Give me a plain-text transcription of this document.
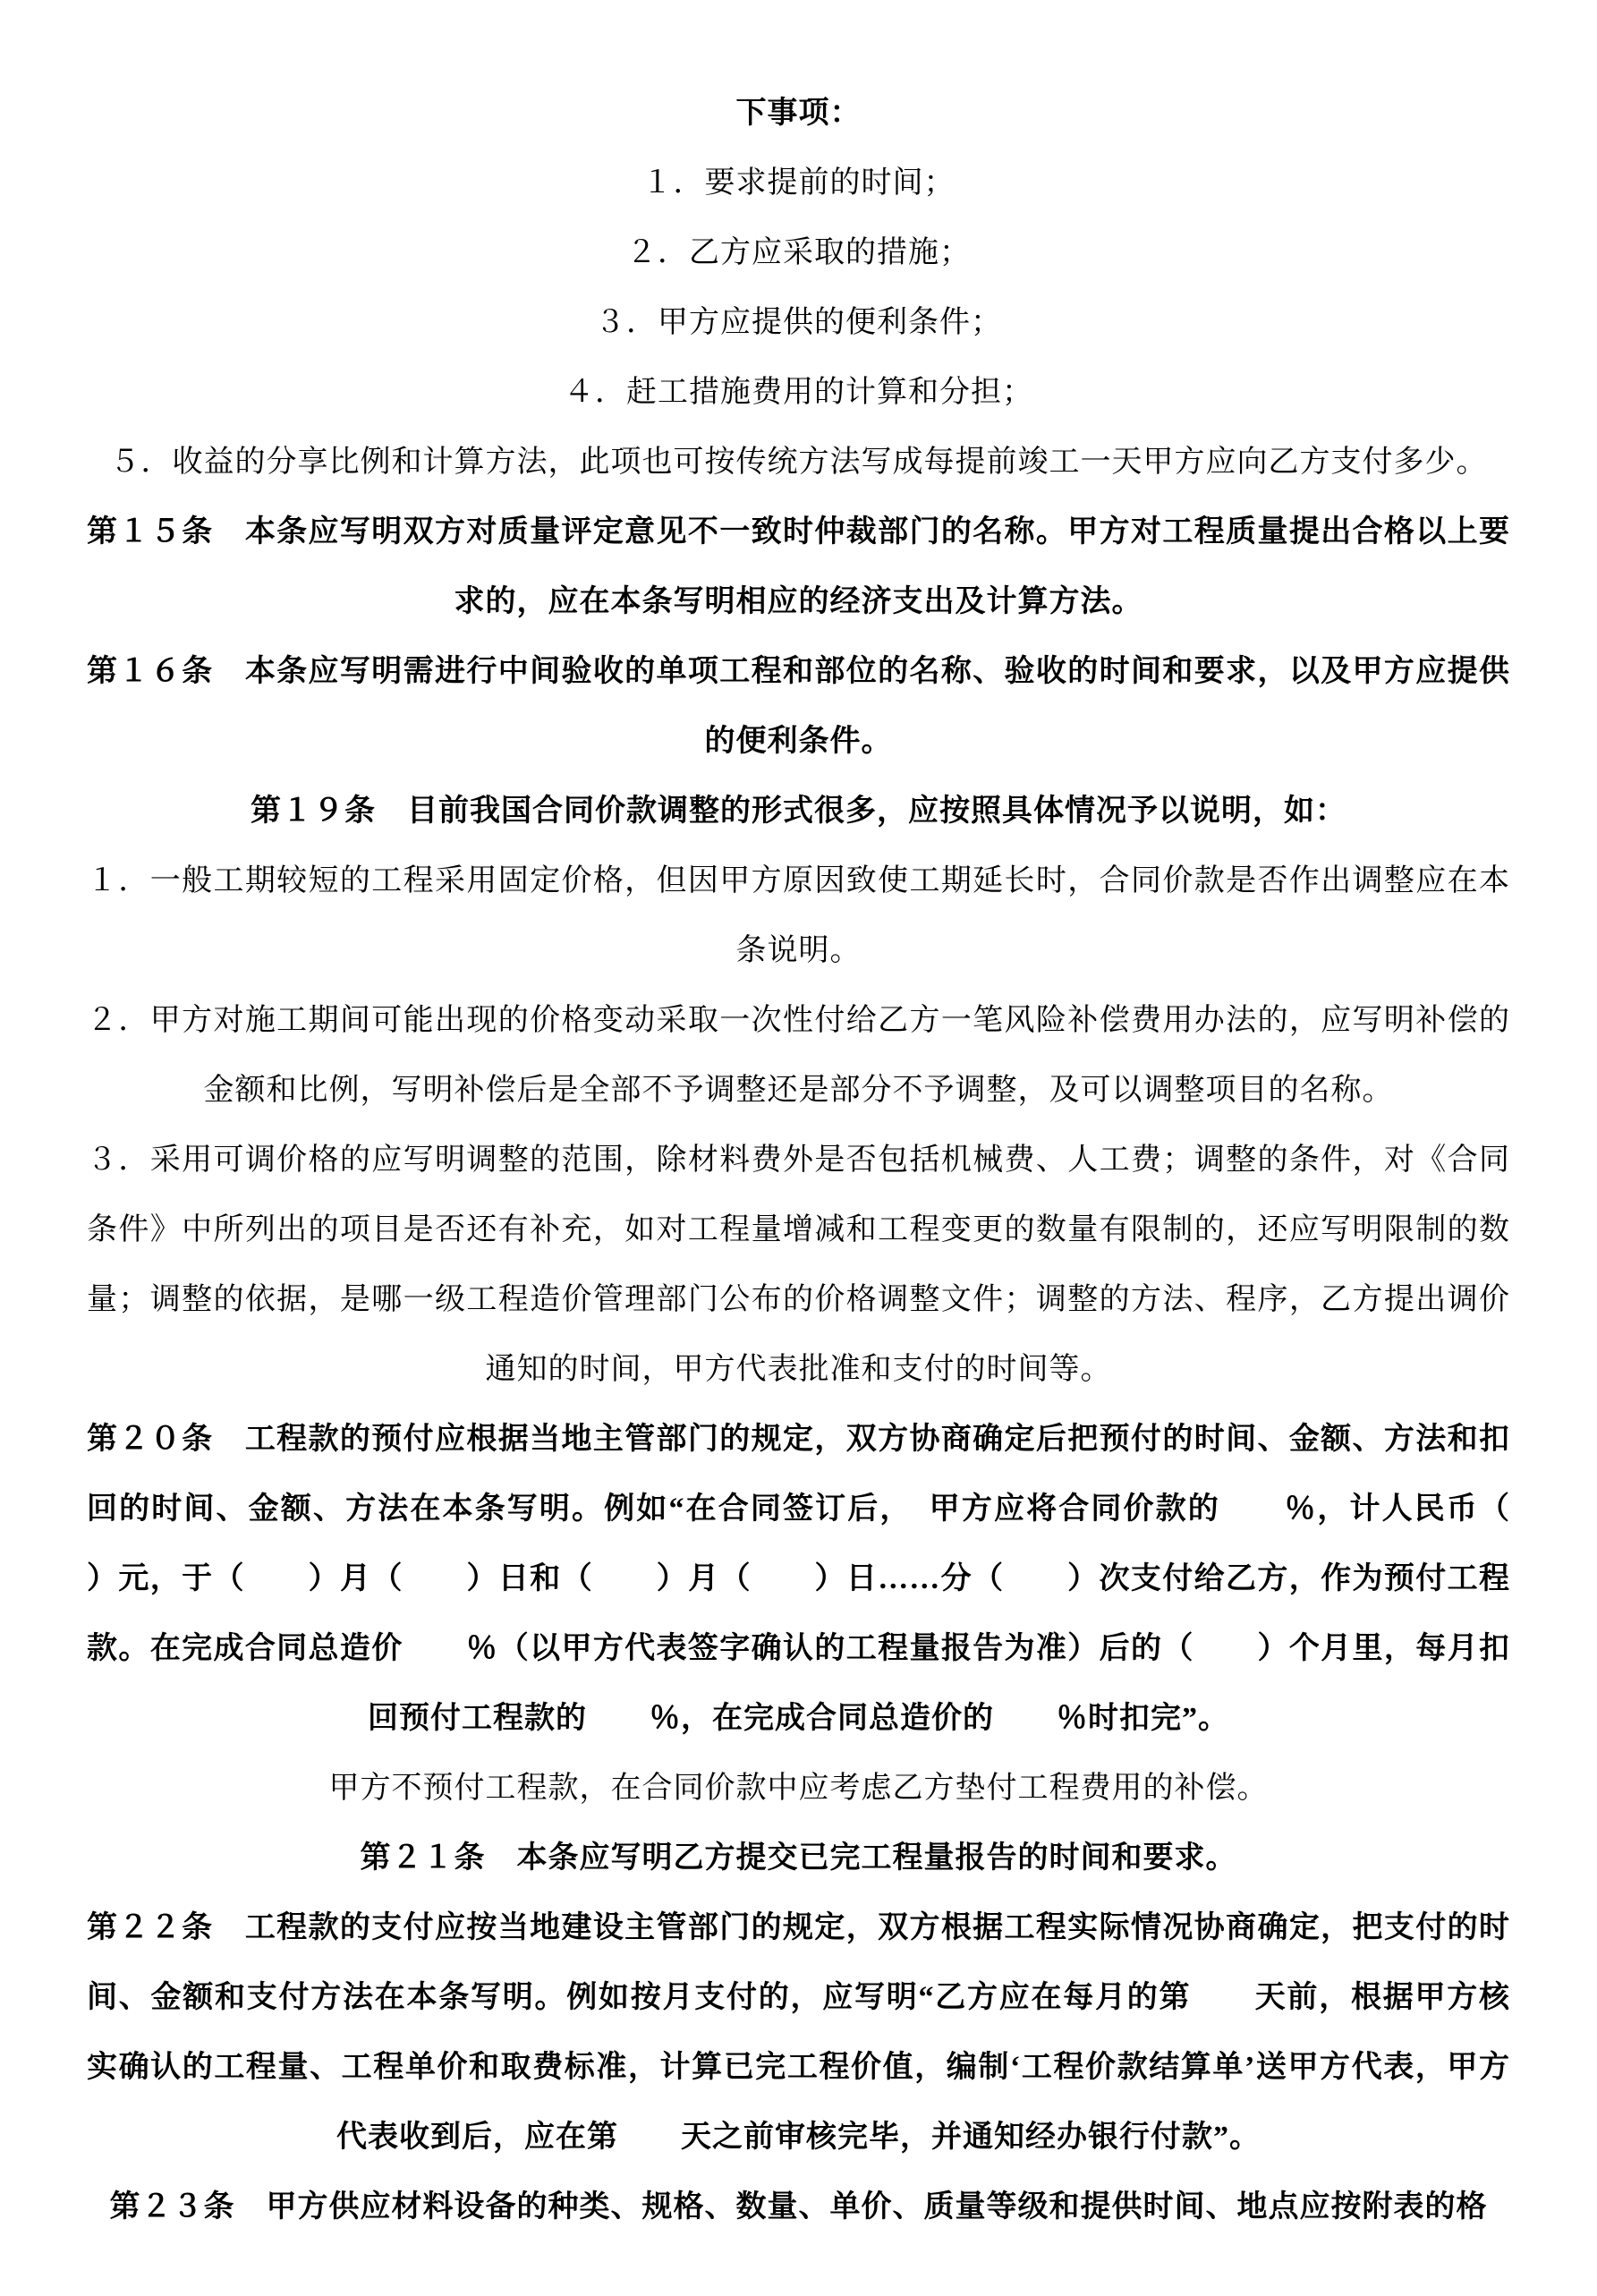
下事项：

１．要求提前的时间；

２．乙方应采取的措施；

３．甲方应提供的便利条件；

４．赶工措施费用的计算和分担；

５．收益的分享比例和计算方法，此项也可按传统方法写成每提前竣工一天甲方应向乙方支付多少。

第１５条　本条应写明双方对质量评定意见不一致时仲裁部门的名称。甲方对工程质量提出合格以上要求的，应在本条写明相应的经济支出及计算方法。

第１６条　本条应写明需进行中间验收的单项工程和部位的名称、验收的时间和要求，以及甲方应提供的便利条件。

第１９条　目前我国合同价款调整的形式很多，应按照具体情况予以说明，如：

１．一般工期较短的工程采用固定价格，但因甲方原因致使工期延长时，合同价款是否作出调整应在本条说明。

２．甲方对施工期间可能出现的价格变动采取一次性付给乙方一笔风险补偿费用办法的，应写明补偿的金额和比例，写明补偿后是全部不予调整还是部分不予调整，及可以调整项目的名称。

３．采用可调价格的应写明调整的范围，除材料费外是否包括机械费、人工费；调整的条件，对《合同条件》中所列出的项目是否还有补充，如对工程量增减和工程变更的数量有限制的，还应写明限制的数量；调整的依据，是哪一级工程造价管理部门公布的价格调整文件；调整的方法、程序，乙方提出调价通知的时间，甲方代表批准和支付的时间等。

第２０条　工程款的预付应根据当地主管部门的规定，双方协商确定后把预付的时间、金额、方法和扣回的时间、金额、方法在本条写明。例如“在合同签订后，　甲方应将合同价款的　　％，计人民币（　　）元，于（　　）月（　　）日和（　　）月（　　）日……分（　　）次支付给乙方，作为预付工程款。在完成合同总造价　　％（以甲方代表签字确认的工程量报告为准）后的（　　）个月里，每月扣回预付工程款的　　％，在完成合同总造价的　　％时扣完”。

甲方不预付工程款，在合同价款中应考虑乙方垫付工程费用的补偿。

第２１条　本条应写明乙方提交已完工程量报告的时间和要求。

第２２条　工程款的支付应按当地建设主管部门的规定，双方根据工程实际情况协商确定，把支付的时间、金额和支付方法在本条写明。例如按月支付的，应写明“乙方应在每月的第　　天前，根据甲方核实确认的工程量、工程单价和取费标准，计算已完工程价值，编制‘工程价款结算单’送甲方代表，甲方代表收到后，应在第　　天之前审核完毕，并通知经办银行付款”。

第２３条　甲方供应材料设备的种类、规格、数量、单价、质量等级和提供时间、地点应按附表的格
